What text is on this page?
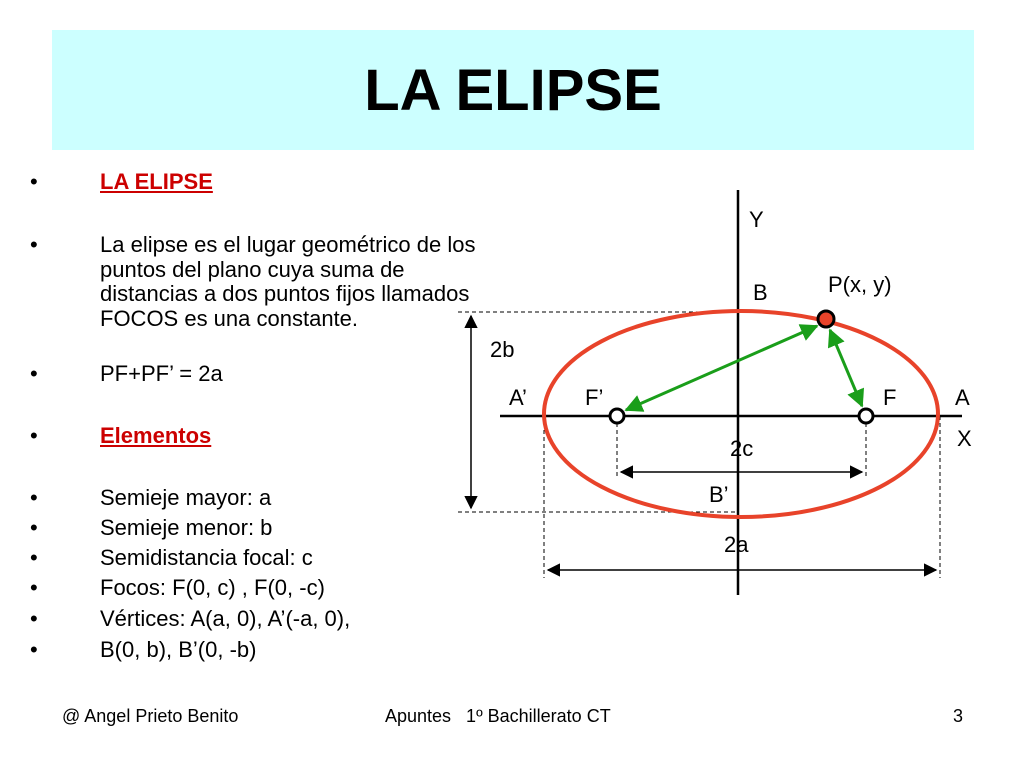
LA ELIPSE
•	LA ELIPSE
•	La elipse es el lugar geométrico de los puntos del plano cuya suma de distancias a dos puntos fijos llamados FOCOS es una constante.
•	PF+PF’ = 2a
•	Elementos
•	Semieje mayor: a
•	Semieje menor: b
•	Semidistancia focal: c
•	Focos: F(0, c) , F(0, -c)
•	Vértices: A(a, 0), A’(-a, 0),
•	B(0, b), B’(0, -b)
Y
X
B	P(x, y)
2b
A’	F’	F	A
2c
B’
2a
@ Angel Prieto Benito	Apuntes   1º Bachillerato CT	3
